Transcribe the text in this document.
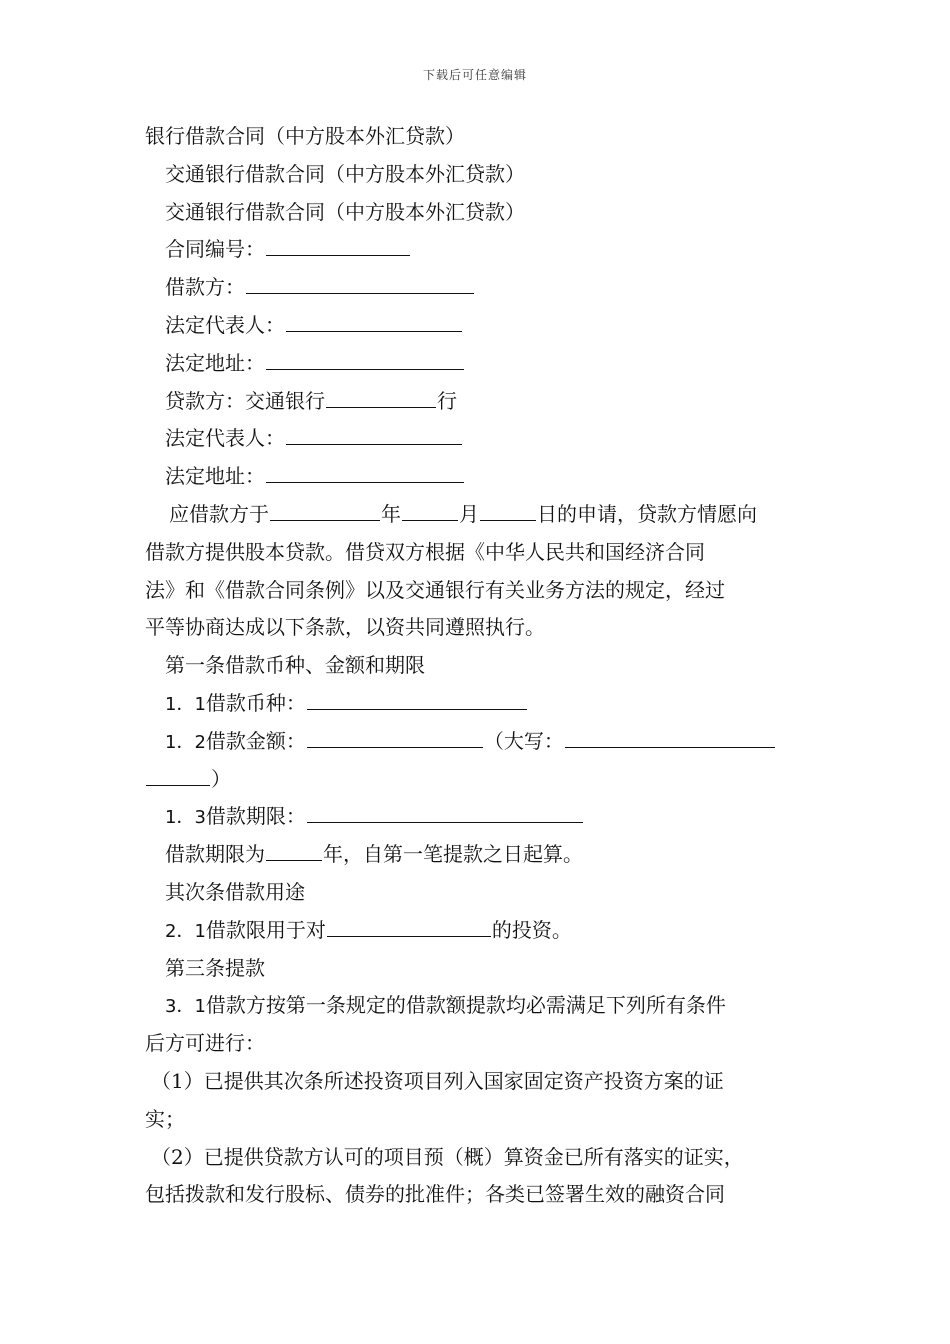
下载后可任意编辑
银行借款合同（中方股本外汇贷款）
交通银行借款合同（中方股本外汇贷款）
交通银行借款合同（中方股本外汇贷款）
合同编号：
借款方：
法定代表人：
法定地址：
贷款方：交通银行	行
法定代表人：
法定地址：
应借款方于	年	月	日的申请，贷款方情愿向
借款方提供股本贷款。借贷双方根据《中华人民共和国经济合同
法》和《借款合同条例》以及交通银行有关业务方法的规定，经过
平等协商达成以下条款，以资共同遵照执行。
第一条借款币种、金额和期限
1．1借款币种：
1．2借款金额：	（大写：
）
1．3借款期限：
借款期限为	年，自第一笔提款之日起算。
其次条借款用途
2．1借款限用于对	的投资。
第三条提款
3．1借款方按第一条规定的借款额提款均必需满足下列所有条件
后方可进行：
（1）已提供其次条所述投资项目列入国家固定资产投资方案的证
实；
（2）已提供贷款方认可的项目预（概）算资金已所有落实的证实，
包括拨款和发行股标、债券的批准件；各类已签署生效的融资合同
